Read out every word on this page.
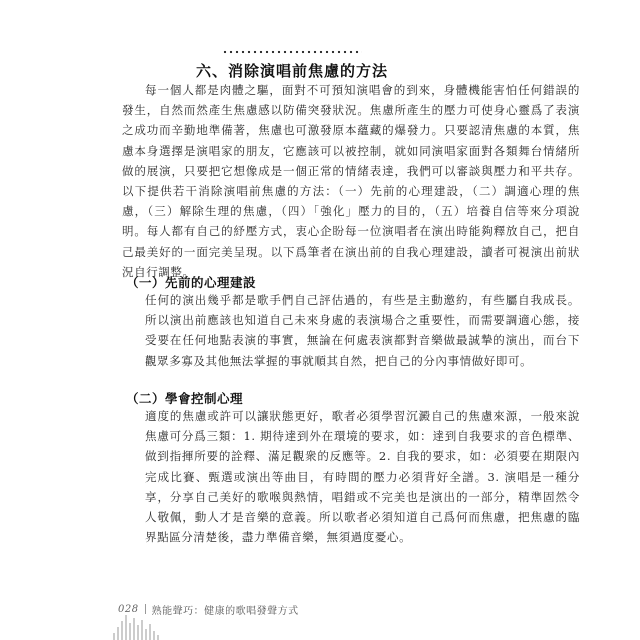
六、消除演唱前焦慮的方法

每一個人都是肉體之驅，面對不可預知演唱會的到來，身體機能害怕任何錯誤的發生，自然而然產生焦慮感以防備突發狀況。焦慮所產生的壓力可使身心靈爲了表演之成功而辛勤地準備著，焦慮也可激發原本蘊藏的爆發力。只要認清焦慮的本質，焦慮本身選擇是演唱家的朋友，它應該可以被控制，就如同演唱家面對各類舞台情緒所做的展演，只要把它想像成是一個正常的情緒表達，我們可以審談與壓力和平共存。以下提供若干消除演唱前焦慮的方法：（一）先前的心理建設，（二）調適心理的焦慮，（三）解除生理的焦慮，（四）「強化」壓力的目的，（五）培養自信等來分項說明。每人都有自己的紓壓方式，衷心企盼每一位演唱者在演出時能夠釋放自己，把自己最美好的一面完美呈現。以下爲筆者在演出前的自我心理建設，讀者可視演出前狀況自行調整。

（一）先前的心理建設

任何的演出幾乎都是歌手們自己評估過的，有些是主動邀約，有些屬自我成長。所以演出前應該也知道自己未來身處的表演場合之重要性，而需要調適心態，接受要在任何地點表演的事實，無論在何處表演都對音樂做最誠摯的演出，而台下觀眾多寡及其他無法掌握的事就順其自然，把自己的分內事情做好即可。

（二）學會控制心理

適度的焦慮或許可以讓狀態更好，歌者必須學習沉澱自己的焦慮來源，一般來說焦慮可分爲三類：1. 期待達到外在環境的要求，如：達到自我要求的音色標準、做到指揮所要的詮釋、滿足觀衆的反應等。2. 自我的要求，如：必須要在期限內完成比賽、甄選或演出等曲目，有時間的壓力必須背好全譜。3. 演唱是一種分享，分享自己美好的歌喉與熱情，唱錯或不完美也是演出的一部分，精準固然令人敬佩，動人才是音樂的意義。所以歌者必須知道自己爲何而焦慮，把焦慮的臨界點區分清楚後，盡力準備音樂，無須過度憂心。

028 熟能聲巧：健康的歌唱發聲方式
